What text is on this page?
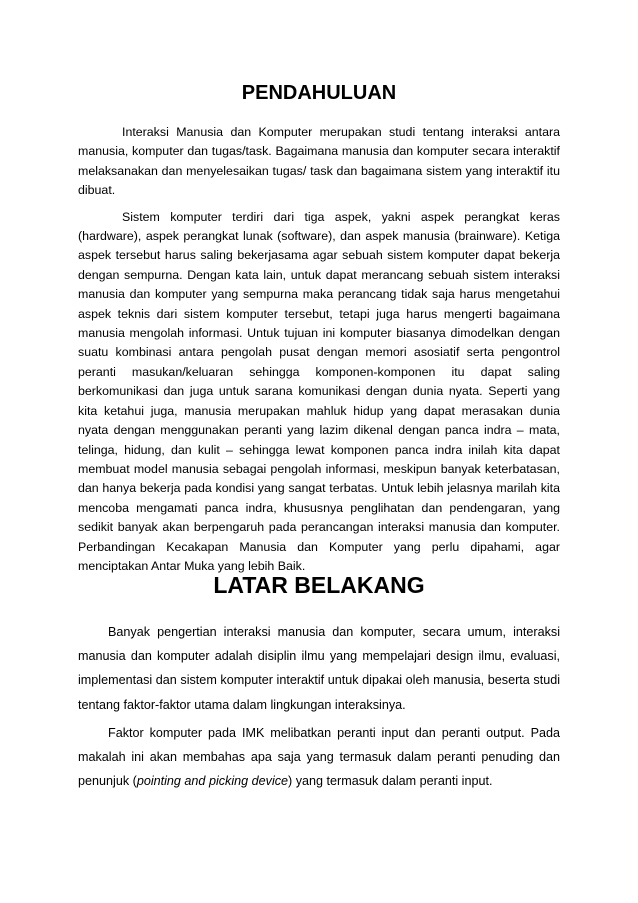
PENDAHULUAN

Interaksi Manusia dan Komputer merupakan studi tentang interaksi antara manusia, komputer dan tugas/task. Bagaimana manusia dan komputer secara interaktif melaksanakan dan menyelesaikan tugas/ task dan bagaimana sistem yang interaktif itu dibuat.

Sistem komputer terdiri dari tiga aspek, yakni aspek perangkat keras (hardware), aspek perangkat lunak (software), dan aspek manusia (brainware). Ketiga aspek tersebut harus saling bekerjasama agar sebuah sistem komputer dapat bekerja dengan sempurna. Dengan kata lain, untuk dapat merancang sebuah sistem interaksi manusia dan komputer yang sempurna maka perancang tidak saja harus mengetahui aspek teknis dari sistem komputer tersebut, tetapi juga harus mengerti bagaimana manusia mengolah informasi. Untuk tujuan ini komputer biasanya dimodelkan dengan suatu kombinasi antara pengolah pusat dengan memori asosiatif serta pengontrol peranti masukan/keluaran sehingga komponen-komponen itu dapat saling berkomunikasi dan juga untuk sarana komunikasi dengan dunia nyata. Seperti yang kita ketahui juga, manusia merupakan mahluk hidup yang dapat merasakan dunia nyata dengan menggunakan peranti yang lazim dikenal dengan panca indra – mata, telinga, hidung, dan kulit – sehingga lewat komponen panca indra inilah kita dapat membuat model manusia sebagai pengolah informasi, meskipun banyak keterbatasan, dan hanya bekerja pada kondisi yang sangat terbatas. Untuk lebih jelasnya marilah kita mencoba mengamati panca indra, khususnya penglihatan dan pendengaran, yang sedikit banyak akan berpengaruh pada perancangan interaksi manusia dan komputer. Perbandingan Kecakapan Manusia dan Komputer yang perlu dipahami, agar menciptakan Antar Muka yang lebih Baik.

LATAR BELAKANG

Banyak pengertian interaksi manusia dan komputer, secara umum, interaksi manusia dan komputer adalah disiplin ilmu yang mempelajari design ilmu, evaluasi, implementasi dan sistem komputer interaktif untuk dipakai oleh manusia, beserta studi tentang faktor-faktor utama dalam lingkungan interaksinya.

Faktor komputer pada IMK melibatkan peranti input dan peranti output. Pada makalah ini akan membahas apa saja yang termasuk dalam peranti penuding dan penunjuk (pointing and picking device) yang termasuk dalam peranti input.
